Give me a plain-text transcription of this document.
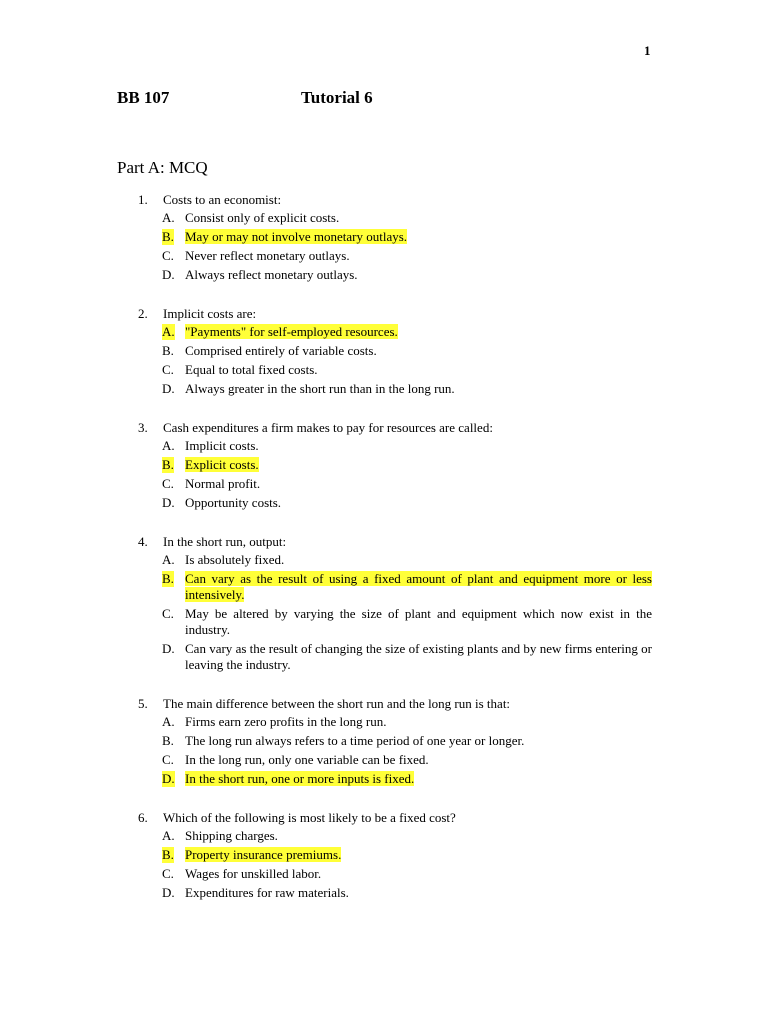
1
BB 107	Tutorial 6
Part A: MCQ
1. Costs to an economist:
A. Consist only of explicit costs.
B. May or may not involve monetary outlays.
C. Never reflect monetary outlays.
D. Always reflect monetary outlays.
2. Implicit costs are:
A. "Payments" for self-employed resources.
B. Comprised entirely of variable costs.
C. Equal to total fixed costs.
D. Always greater in the short run than in the long run.
3. Cash expenditures a firm makes to pay for resources are called:
A. Implicit costs.
B. Explicit costs.
C. Normal profit.
D. Opportunity costs.
4. In the short run, output:
A. Is absolutely fixed.
B. Can vary as the result of using a fixed amount of plant and equipment more or less intensively.
C. May be altered by varying the size of plant and equipment which now exist in the industry.
D. Can vary as the result of changing the size of existing plants and by new firms entering or leaving the industry.
5. The main difference between the short run and the long run is that:
A. Firms earn zero profits in the long run.
B. The long run always refers to a time period of one year or longer.
C. In the long run, only one variable can be fixed.
D. In the short run, one or more inputs is fixed.
6. Which of the following is most likely to be a fixed cost?
A. Shipping charges.
B. Property insurance premiums.
C. Wages for unskilled labor.
D. Expenditures for raw materials.
